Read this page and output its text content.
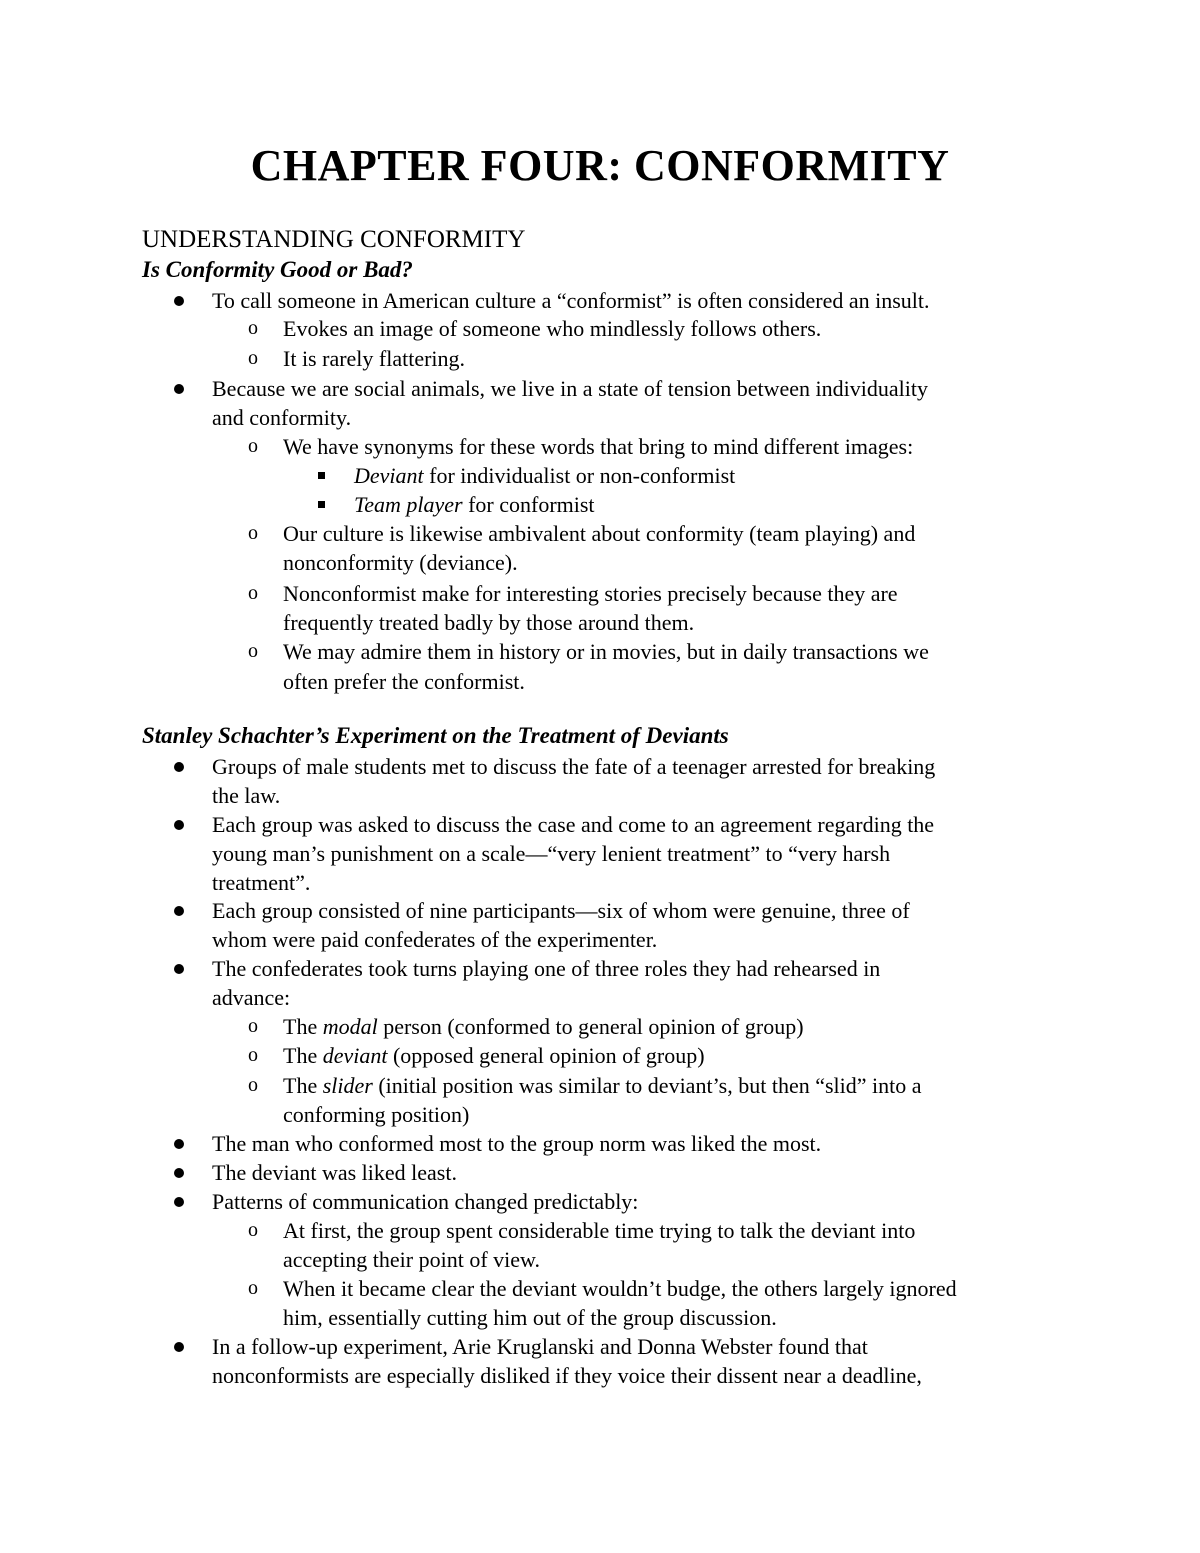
CHAPTER FOUR: CONFORMITY
UNDERSTANDING CONFORMITY
Is Conformity Good or Bad?
To call someone in American culture a “conformist” is often considered an insult.
o Evokes an image of someone who mindlessly follows others.
o It is rarely flattering.
Because we are social animals, we live in a state of tension between individuality
and conformity.
o We have synonyms for these words that bring to mind different images:
Deviant for individualist or non-conformist
Team player for conformist
o Our culture is likewise ambivalent about conformity (team playing) and
nonconformity (deviance).
o Nonconformist make for interesting stories precisely because they are
frequently treated badly by those around them.
o We may admire them in history or in movies, but in daily transactions we
often prefer the conformist.
Stanley Schachter’s Experiment on the Treatment of Deviants
Groups of male students met to discuss the fate of a teenager arrested for breaking
the law.
Each group was asked to discuss the case and come to an agreement regarding the
young man’s punishment on a scale—“very lenient treatment” to “very harsh
treatment”.
Each group consisted of nine participants—six of whom were genuine, three of
whom were paid confederates of the experimenter.
The confederates took turns playing one of three roles they had rehearsed in
advance:
o The modal person (conformed to general opinion of group)
o The deviant (opposed general opinion of group)
o The slider (initial position was similar to deviant’s, but then “slid” into a
conforming position)
The man who conformed most to the group norm was liked the most.
The deviant was liked least.
Patterns of communication changed predictably:
o At first, the group spent considerable time trying to talk the deviant into
accepting their point of view.
o When it became clear the deviant wouldn’t budge, the others largely ignored
him, essentially cutting him out of the group discussion.
In a follow-up experiment, Arie Kruglanski and Donna Webster found that
nonconformists are especially disliked if they voice their dissent near a deadline,
